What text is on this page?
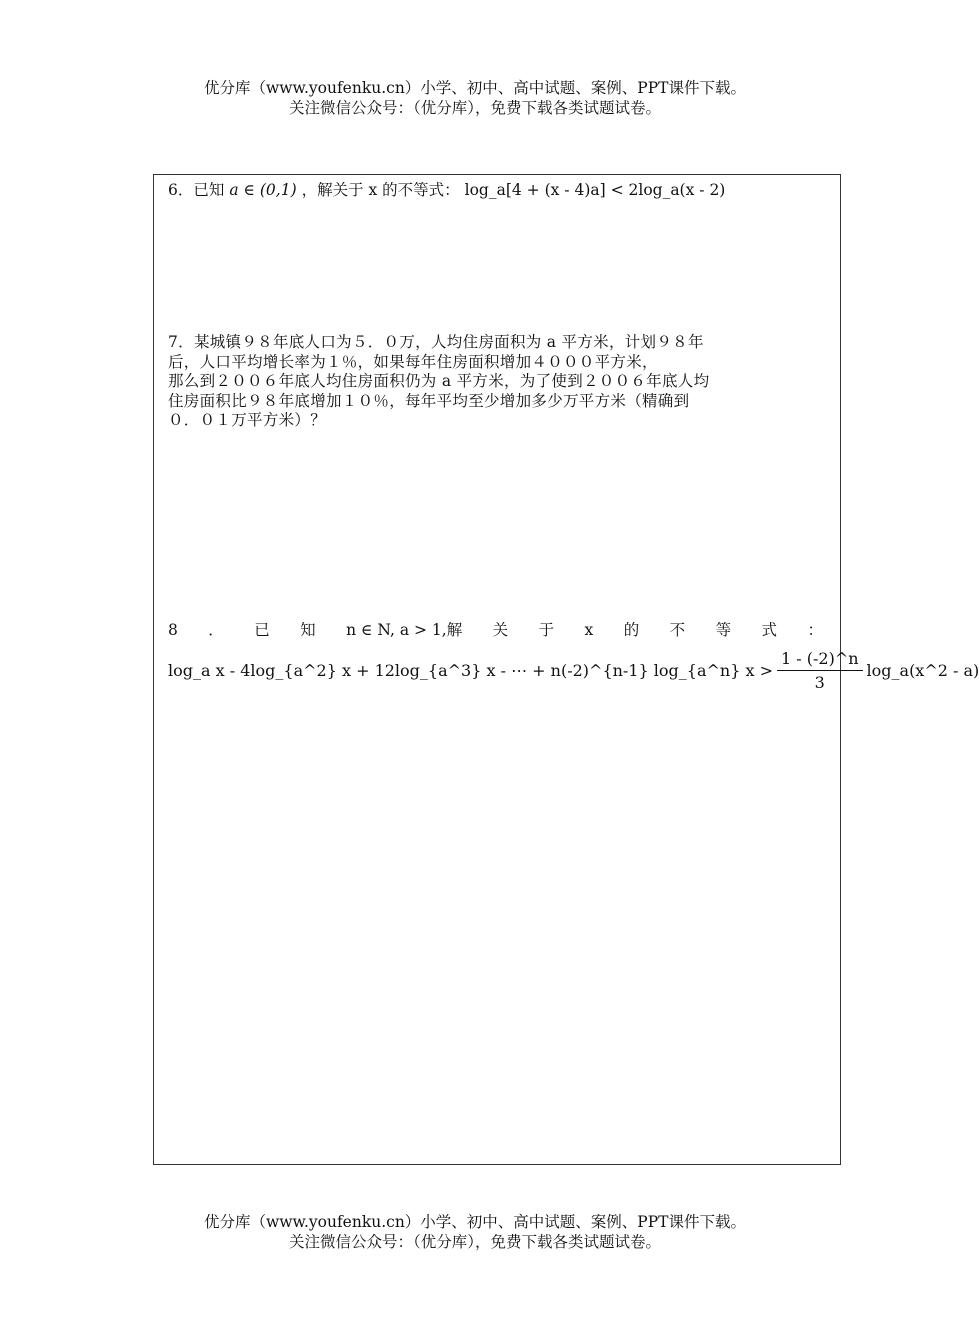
优分库（www.youfenku.cn）小学、初中、高中试题、案例、PPT课件下载。
关注微信公众号：（优分库），免费下载各类试题试卷。
6．已知 a ∈ (0,1) ，解关于 x 的不等式： log_a[4 + (x - 4)a] < 2log_a(x - 2)
7．某城镇９８年底人口为５．０万，人均住房面积为 a 平方米，计划９８年
后，人口平均增长率为１％，如果每年住房面积增加４０００平方米，
那么到２００６年底人均住房面积仍为 a 平方米，为了使到２００６年底人均
住房面积比９８年底增加１０％，每年平均至少增加多少万平方米（精确到
０．０１万平方米）？
8 ． 已 知 n ∈ N, a > 1,解 关 于 x 的 不 等 式 ：
log_a x - 4log_{a^2} x + 12log_{a^3} x - ⋯ + n(-2)^{n-1} log_{a^n} $x > \frac{1 - (-2)\^{}n}{3}$ log_a(x^2 - a)
优分库（www.youfenku.cn）小学、初中、高中试题、案例、PPT课件下载。
关注微信公众号：（优分库），免费下载各类试题试卷。
